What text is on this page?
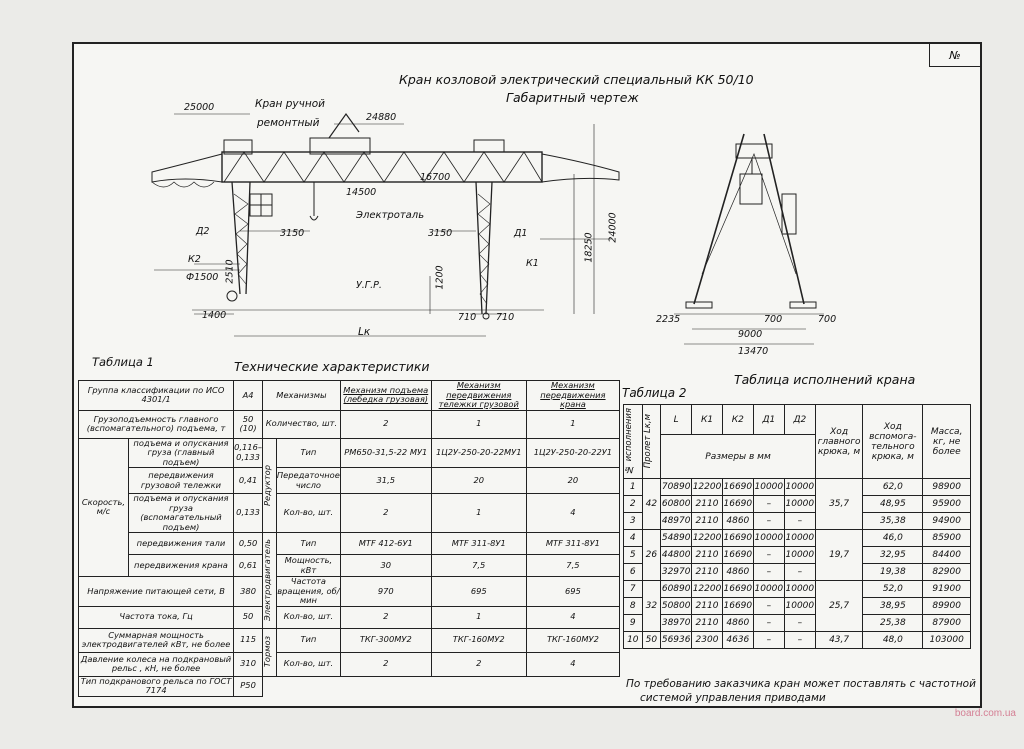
№
Кран козловой электрический специальный КК 50/10
Габаритный чертеж
25000	Кран ручной
ремонтный	24880
16700
14500
Электроталь	24000
18250
Д2	Д1
3150	3150
К2	К1
Ф1500 2510	1200
У.Г.Р.
1400	710 710
Lк
2235	700	700
9000
13470
Таблица 1	Технические характеристики
Таблица исполнений крана
Таблица 2
Группа классификации по ИСО 4301/1		А4	Механизмы		Механизм подъема (лебедка грузовая)	Механизм передвижения тележки грузовой	Механизм передвижения крана
Грузоподъемность главного (вспомагательного) подъема, т		50 (10)	Количество, шт.		2	1	1
Скорость, м/с	подъема и опускания груза (главный подъем)	0,116–0,133	Редуктор	Тип	РМ650-31,5-22 МУ1	1Ц2У-250-20-22МУ1	1Ц2У-250-20-22У1
	передвижения грузовой тележки	0,41		Передаточное число	31,5	20	20
	подъема и опускания груза (вспомагательный подъем)	0,133		Кол-во, шт.	2	1	4
	передвижения тали	0,50	Электродвигатель	Тип	МТF 412-6У1	МТF 311-8У1	МТF 311-8У1
	передвижения крана	0,61		Мощность, кВт	30	7,5	7,5
Напряжение питающей сети, В		380		Частота вращения, об/мин	970	695	695
Частота тока, Гц		50		Кол-во, шт.	2	1	4
Суммарная мощность электродвигателей кВт, не более		115	Тормоз	Тип	ТКГ-300МУ2	ТКГ-160МУ2	ТКГ-160МУ2
Давление колеса на подкрановый рельс , кН, не более		310		Кол-во, шт.	2	2	4
Тип подкранового рельса по ГОСТ 7174		Р50					
№ исполнения	Пролет Lк,м	L	К1	К2	Д1	Д2	Ход главного крюка, м	Ход вспомога-тельного крюка, м	Масса, кг, не более
		Размеры в мм							
1	42	70890	12200	16690	10000	10000	35,7	62,0	98900
2		60800	2110	16690	–	10000		48,95	95900
3		48970	2110	4860	–	–		35,38	94900
4	26	54890	12200	16690	10000	10000	19,7	46,0	85900
5		44800	2110	16690	–	10000		32,95	84400
6		32970	2110	4860	–	–		19,38	82900
7	32	60890	12200	16690	10000	10000	25,7	52,0	91900
8		50800	2110	16690	–	10000		38,95	89900
9		38970	2110	4860	–	–		25,38	87900
10	50	56936	2300	4636	–	–	43,7	48,0	103000
По требованию заказчика кран может поставлять с частотной
системой управления приводами
board.com.ua
